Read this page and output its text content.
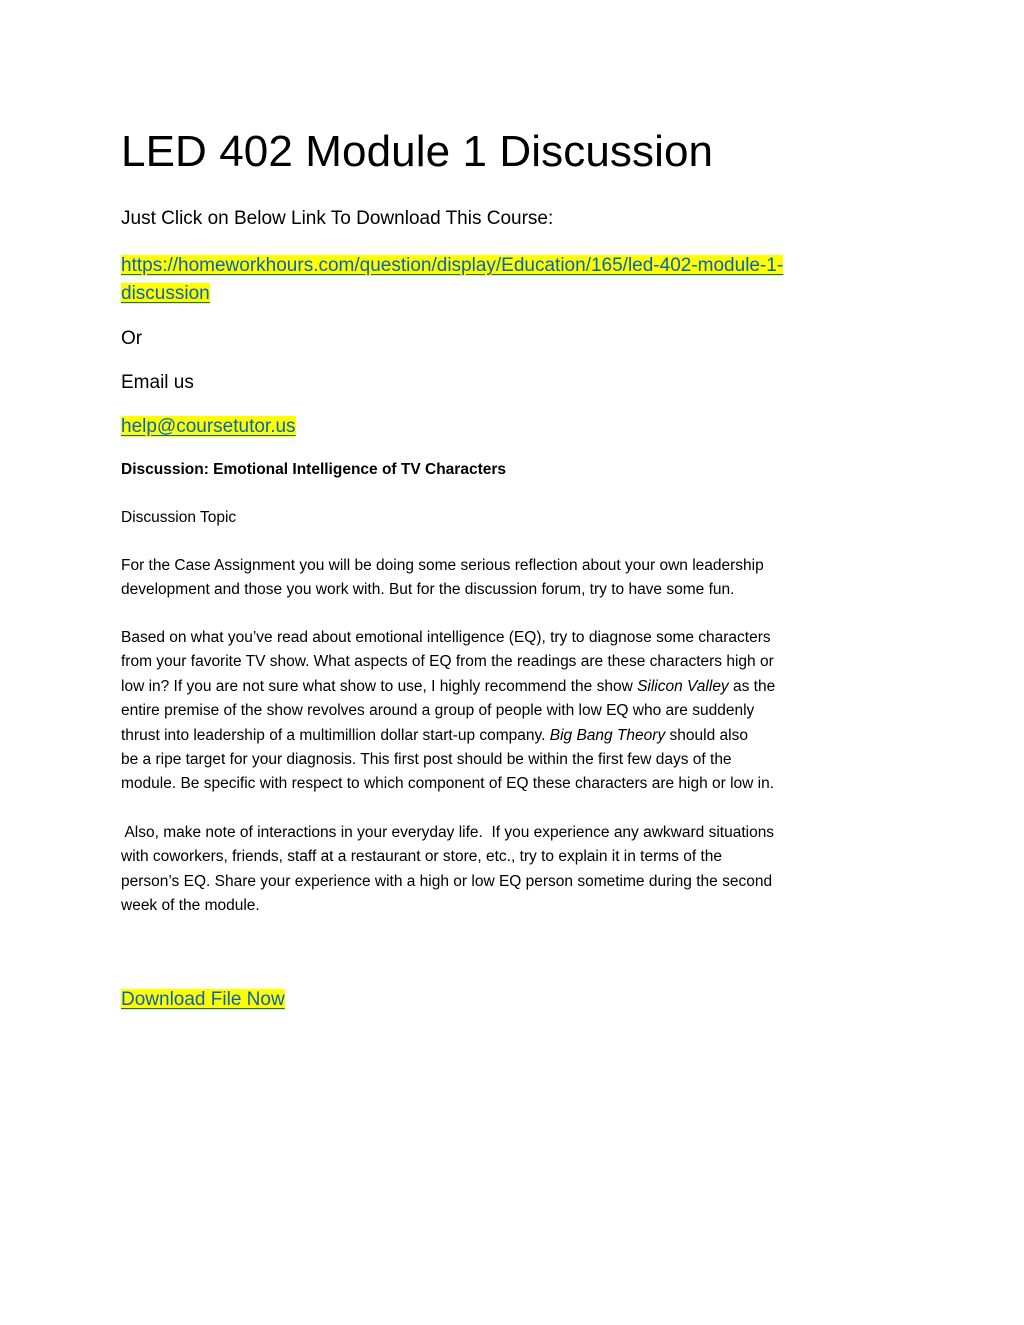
LED 402 Module 1 Discussion

Just Click on Below Link To Download This Course:

https://homeworkhours.com/question/display/Education/165/led-402-module-1-
discussion

Or

Email us

help@coursetutor.us

Discussion: Emotional Intelligence of TV Characters

Discussion Topic

For the Case Assignment you will be doing some serious reflection about your own leadership
development and those you work with. But for the discussion forum, try to have some fun.

Based on what you’ve read about emotional intelligence (EQ), try to diagnose some characters
from your favorite TV show. What aspects of EQ from the readings are these characters high or
low in? If you are not sure what show to use, I highly recommend the show Silicon Valley as the
entire premise of the show revolves around a group of people with low EQ who are suddenly
thrust into leadership of a multimillion dollar start-up company. Big Bang Theory should also
be a ripe target for your diagnosis. This first post should be within the first few days of the
module. Be specific with respect to which component of EQ these characters are high or low in.

Also, make note of interactions in your everyday life.  If you experience any awkward situations
with coworkers, friends, staff at a restaurant or store, etc., try to explain it in terms of the
person’s EQ. Share your experience with a high or low EQ person sometime during the second
week of the module.

Download File Now
